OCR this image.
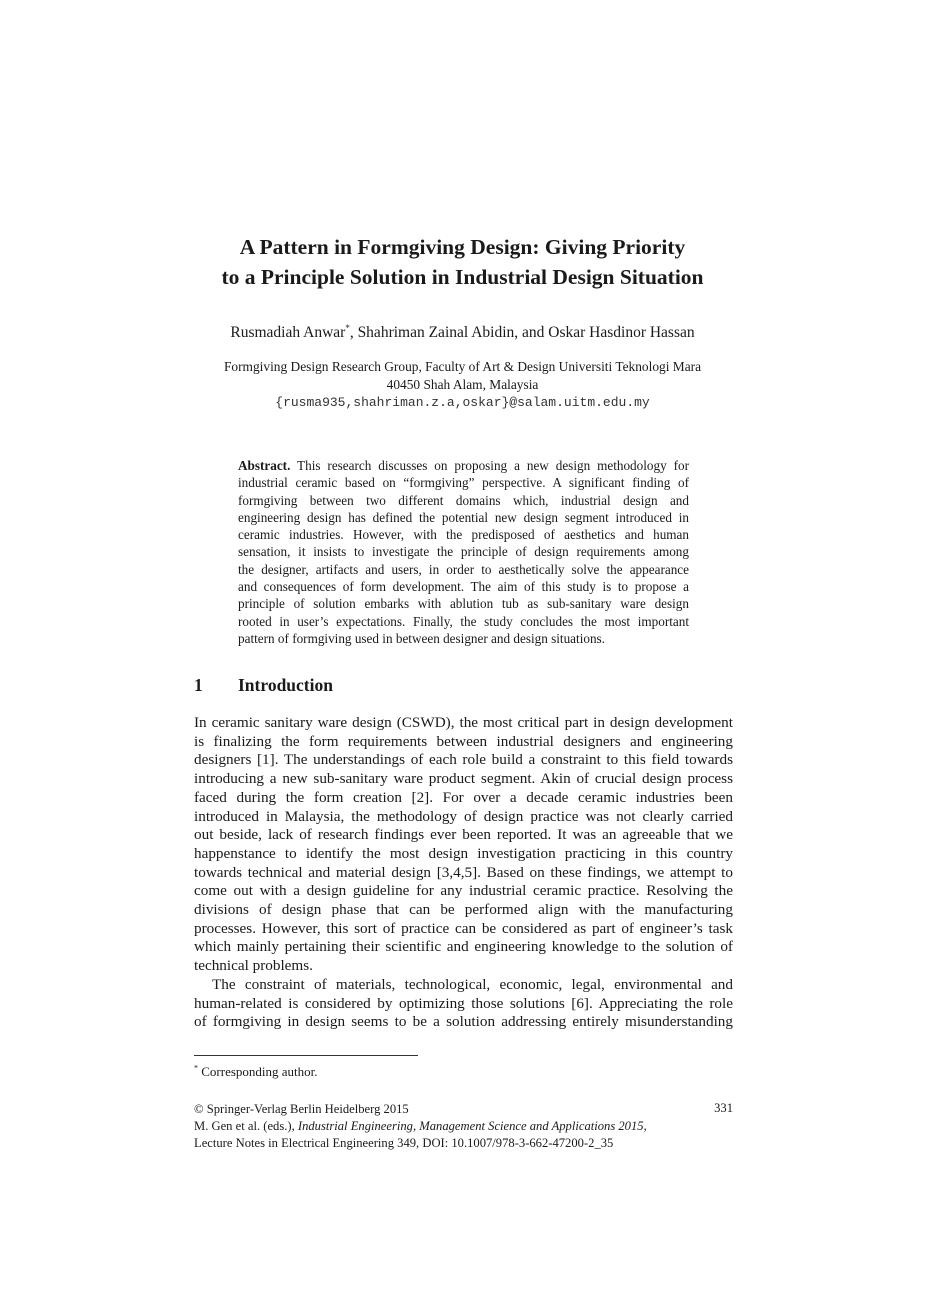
A Pattern in Formgiving Design: Giving Priority
to a Principle Solution in Industrial Design Situation
Rusmadiah Anwar*, Shahriman Zainal Abidin, and Oskar Hasdinor Hassan
Formgiving Design Research Group, Faculty of Art & Design Universiti Teknologi Mara
40450 Shah Alam, Malaysia
{rusma935,shahriman.z.a,oskar}@salam.uitm.edu.my
Abstract. This research discusses on proposing a new design methodology for
industrial ceramic based on “formgiving” perspective. A significant finding of
formgiving between two different domains which, industrial design and
engineering design has defined the potential new design segment introduced in
ceramic industries. However, with the predisposed of aesthetics and human
sensation, it insists to investigate the principle of design requirements among
the designer, artifacts and users, in order to aesthetically solve the appearance
and consequences of form development. The aim of this study is to propose a
principle of solution embarks with ablution tub as sub-sanitary ware design
rooted in user’s expectations. Finally, the study concludes the most important
pattern of formgiving used in between designer and design situations.
1 Introduction
In ceramic sanitary ware design (CSWD), the most critical part in design development
is finalizing the form requirements between industrial designers and engineering
designers [1]. The understandings of each role build a constraint to this field towards
introducing a new sub-sanitary ware product segment. Akin of crucial design process
faced during the form creation [2]. For over a decade ceramic industries been
introduced in Malaysia, the methodology of design practice was not clearly carried
out beside, lack of research findings ever been reported. It was an agreeable that we
happenstance to identify the most design investigation practicing in this country
towards technical and material design [3,4,5]. Based on these findings, we attempt to
come out with a design guideline for any industrial ceramic practice. Resolving the
divisions of design phase that can be performed align with the manufacturing
processes. However, this sort of practice can be considered as part of engineer’s task
which mainly pertaining their scientific and engineering knowledge to the solution of
technical problems.
The constraint of materials, technological, economic, legal, environmental and
human-related is considered by optimizing those solutions [6]. Appreciating the role
of formgiving in design seems to be a solution addressing entirely misunderstanding
* Corresponding author.
© Springer-Verlag Berlin Heidelberg 2015
M. Gen et al. (eds.), Industrial Engineering, Management Science and Applications 2015,
Lecture Notes in Electrical Engineering 349, DOI: 10.1007/978-3-662-47200-2_35
331
